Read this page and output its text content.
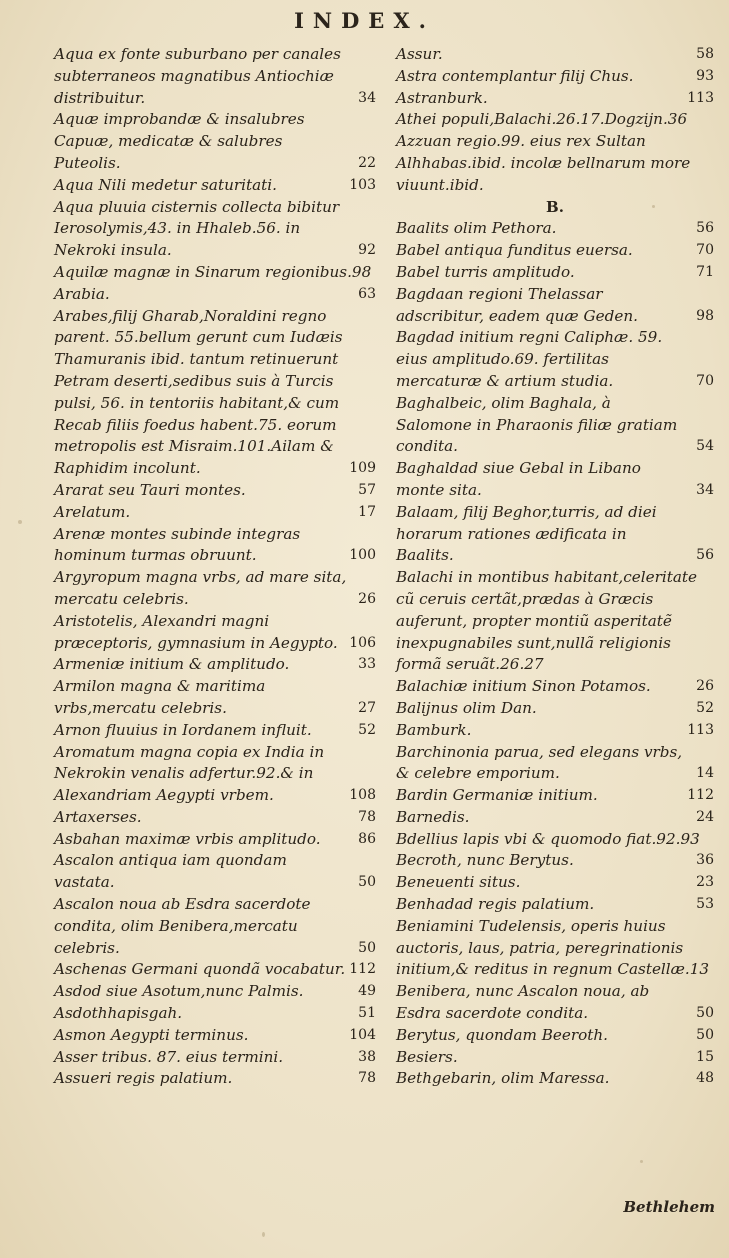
INDEX.
Aqua ex fonte suburbano per canales subterraneos magnatibus Antiochiæ distribuitur.	34
Aquæ improbandæ & insalubres Capuæ, medicatæ & salubres Puteolis.	22
Aqua Nili medetur saturitati.	103
Aqua pluuia cisternis collecta bibitur Ierosolymis,43. in Hhaleb.56. in Nekroki insula.	92
Aquilæ magnæ in Sinarum regionibus.98
Arabia.	63
Arabes,filij Gharab,Noraldini regno parent. 55.bellum gerunt cum Iudæis Thamuranis ibid. tantum retinuerunt Petram deserti,sedibus suis à Turcis pulsi, 56. in tentoriis habitant,& cum Recab filiis foedus habent.75. eorum metropolis est Misraim.101.Ailam & Raphidim incolunt.	109
Ararat seu Tauri montes.	57
Arelatum.	17
Arenæ montes subinde integras hominum turmas obruunt.	100
Argyropum magna vrbs, ad mare sita, mercatu celebris.	26
Aristotelis, Alexandri magni præceptoris, gymnasium in Aegypto. 106
Armeniæ initium & amplitudo.	33
Armilon magna & maritima vrbs,mercatu celebris.	27
Arnon fluuius in Iordanem influit.	52
Aromatum magna copia ex India in Nekrokin venalis adfertur.92.& in Alexandriam Aegypti vrbem.	108
Artaxerses.	78
Asbahan maximæ vrbis amplitudo.	86
Ascalon antiqua iam quondam vastata.	50
Ascalon noua ab Esdra sacerdote condita, olim Benibera,mercatu celebris.	50
Aschenas Germani quondã vocabatur. 112
Asdod siue Asotum,nunc Palmis.	49
Asdothhapisgah.	51
Asmon Aegypti terminus.	104
Asser tribus. 87. eius termini.	38
Assueri regis palatium.	78
Assur.	58
Astra contemplantur filij Chus.	93
Astranburk.	113
Athei populi,Balachi.26.17.Dogzijn.36
Azzuan regio.99. eius rex Sultan Alhhabas.ibid. incolæ bellnarum more viuunt.ibid.
B.
Baalits olim Pethora.	56
Babel antiqua funditus euersa.	70
Babel turris amplitudo.	71
Bagdaan regioni Thelassar adscribitur, eadem quæ Geden.	98
Bagdad initium regni Caliphæ. 59. eius amplitudo.69. fertilitas mercaturæ & artium studia.	70
Baghalbeic, olim Baghala, à Salomone in Pharaonis filiæ gratiam condita.	54
Baghaldad siue Gebal in Libano monte sita.	34
Balaam, filij Beghor,turris, ad diei horarum rationes ædificata in Baalits.	56
Balachi in montibus habitant,celeritate cũ ceruis certãt,prædas à Græcis auferunt, propter montiũ asperitatẽ inexpugnabiles sunt,nullã religionis formã seruãt.26.27
Balachiæ initium Sinon Potamos.	26
Balijnus olim Dan.	52
Bamburk.	113
Barchinonia parua, sed elegans vrbs, & celebre emporium.	14
Bardin Germaniæ initium.	112
Barnedis.	24
Bdellius lapis vbi & quomodo fiat.92.93
Becroth, nunc Berytus.	36
Beneuenti situs.	23
Benhadad regis palatium.	53
Beniamini Tudelensis, operis huius auctoris, laus, patria, peregrinationis initium,& reditus in regnum Castellæ.13
Benibera, nunc Ascalon noua, ab Esdra sacerdote condita.	50
Berytus, quondam Beeroth.	50
Besiers.	15
Bethgebarin, olim Maressa.	48
Bethlehem
